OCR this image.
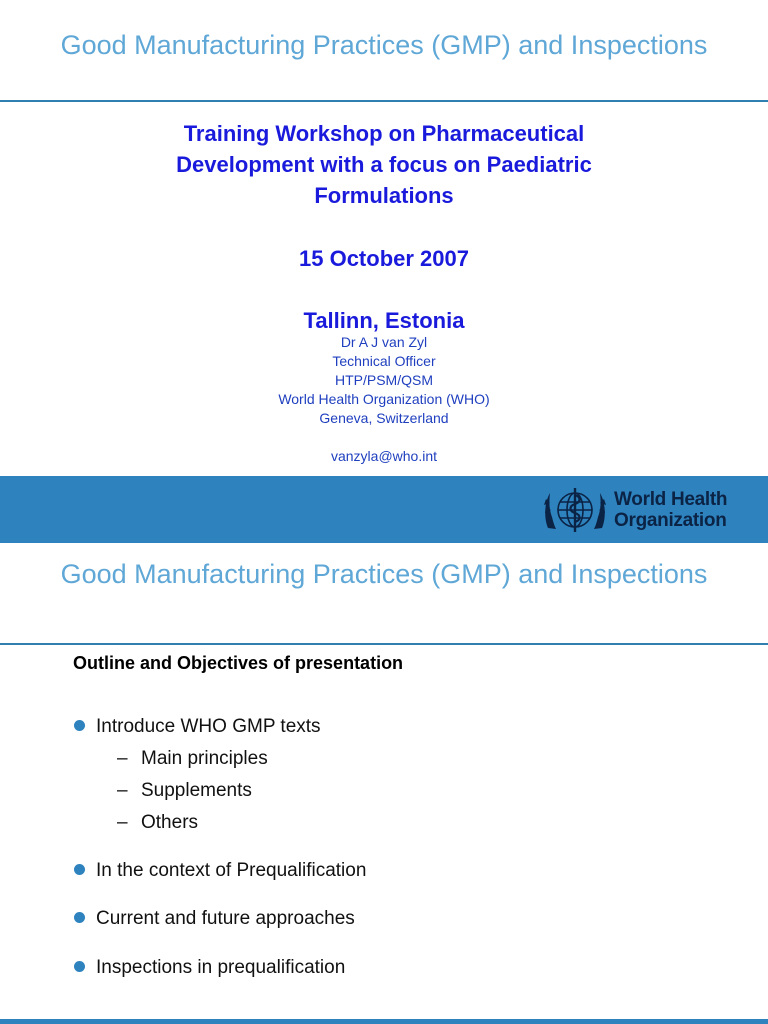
Good Manufacturing Practices (GMP) and Inspections
Training Workshop on Pharmaceutical
Development with a focus on Paediatric
Formulations
15 October 2007
Tallinn, Estonia
Dr A J van Zyl
Technical Officer
HTP/PSM/QSM
World Health Organization (WHO)
Geneva, Switzerland
vanzyla@who.int
World Health
Organization
Good Manufacturing Practices (GMP) and Inspections
Outline and Objectives of presentation
Introduce WHO GMP texts
– Main principles
– Supplements
– Others
In the context of Prequalification
Current and future approaches
Inspections in prequalification
